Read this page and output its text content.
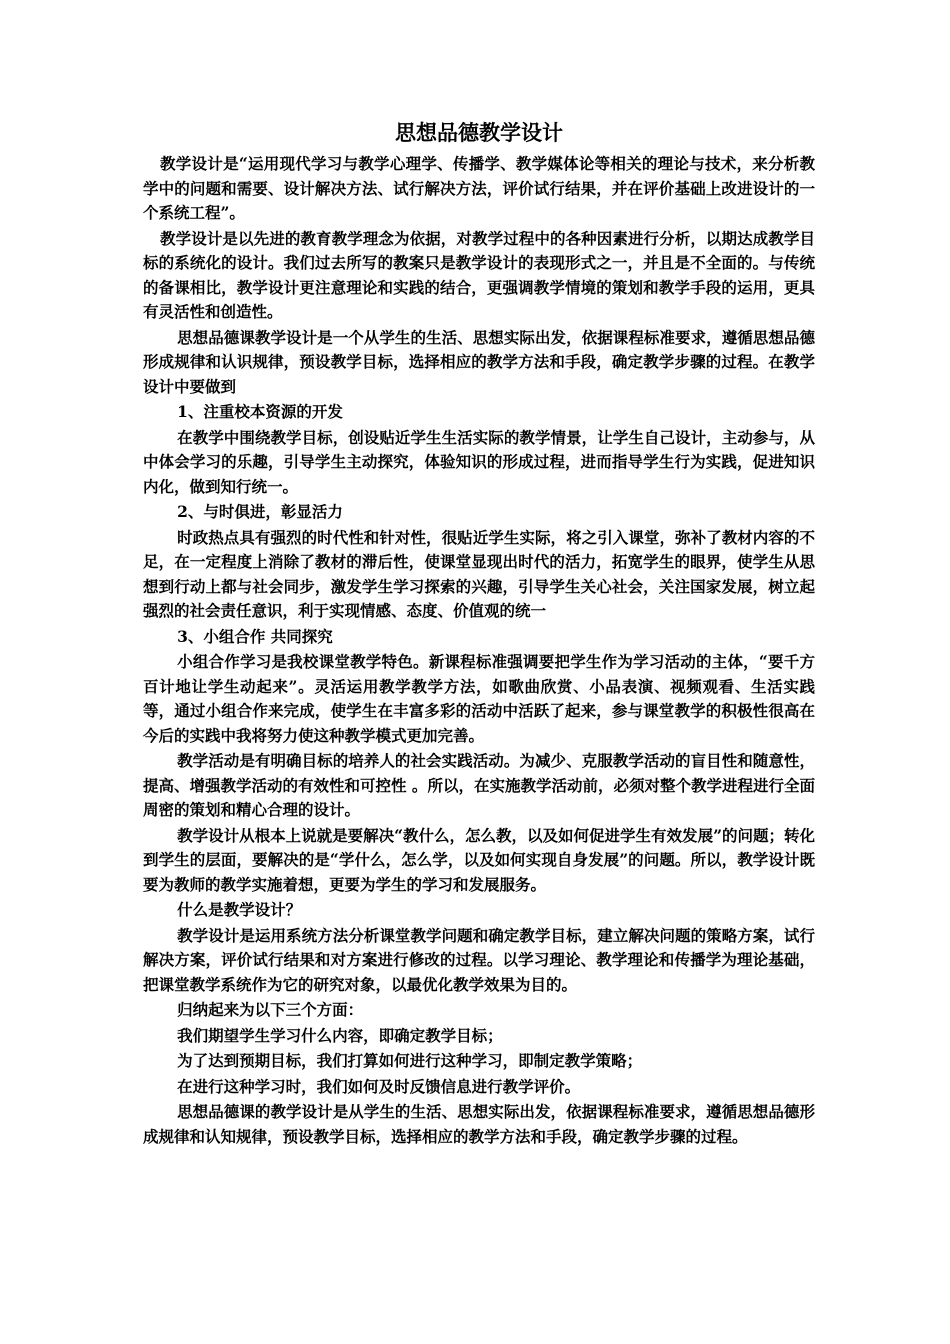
思想品德教学设计

教学设计是“运用现代学习与教学心理学、传播学、教学媒体论等相关的理论与技术，来分析教学中的问题和需要、设计解决方法、试行解决方法，评价试行结果，并在评价基础上改进设计的一个系统工程”。

教学设计是以先进的教育教学理念为依据，对教学过程中的各种因素进行分析，以期达成教学目标的系统化的设计。我们过去所写的教案只是教学设计的表现形式之一，并且是不全面的。与传统的备课相比，教学设计更注意理论和实践的结合，更强调教学情境的策划和教学手段的运用，更具有灵活性和创造性。

思想品德课教学设计是一个从学生的生活、思想实际出发，依据课程标准要求，遵循思想品德形成规律和认识规律，预设教学目标，选择相应的教学方法和手段，确定教学步骤的过程。在教学设计中要做到

1、注重校本资源的开发

在教学中围绕教学目标，创设贴近学生生活实际的教学情景，让学生自己设计，主动参与，从中体会学习的乐趣，引导学生主动探究，体验知识的形成过程，进而指导学生行为实践，促进知识内化，做到知行统一。

2、与时俱进，彰显活力

时政热点具有强烈的时代性和针对性，很贴近学生实际，将之引入课堂，弥补了教材内容的不足，在一定程度上消除了教材的滞后性，使课堂显现出时代的活力，拓宽学生的眼界，使学生从思想到行动上都与社会同步，激发学生学习探索的兴趣，引导学生关心社会，关注国家发展，树立起强烈的社会责任意识，利于实现情感、态度、价值观的统一

3、小组合作 共同探究

小组合作学习是我校课堂教学特色。新课程标准强调要把学生作为学习活动的主体，“要千方百计地让学生动起来”。灵活运用教学教学方法，如歌曲欣赏、小品表演、视频观看、生活实践等，通过小组合作来完成，使学生在丰富多彩的活动中活跃了起来，参与课堂教学的积极性很高在今后的实践中我将努力使这种教学模式更加完善。

教学活动是有明确目标的培养人的社会实践活动。为减少、克服教学活动的盲目性和随意性，提高、增强教学活动的有效性和可控性 。所以，在实施教学活动前，必须对整个教学进程进行全面周密的策划和精心合理的设计。

教学设计从根本上说就是要解决“教什么，怎么教，以及如何促进学生有效发展”的问题；转化到学生的层面，要解决的是“学什么，怎么学，以及如何实现自身发展”的问题。所以，教学设计既要为教师的教学实施着想，更要为学生的学习和发展服务。

什么是教学设计？

教学设计是运用系统方法分析课堂教学问题和确定教学目标，建立解决问题的策略方案，试行解决方案，评价试行结果和对方案进行修改的过程。以学习理论、教学理论和传播学为理论基础，把课堂教学系统作为它的研究对象，以最优化教学效果为目的。

归纳起来为以下三个方面：

我们期望学生学习什么内容，即确定教学目标；

为了达到预期目标，我们打算如何进行这种学习，即制定教学策略；

在进行这种学习时，我们如何及时反馈信息进行教学评价。

思想品德课的教学设计是从学生的生活、思想实际出发，依据课程标准要求，遵循思想品德形成规律和认知规律，预设教学目标，选择相应的教学方法和手段，确定教学步骤的过程。
